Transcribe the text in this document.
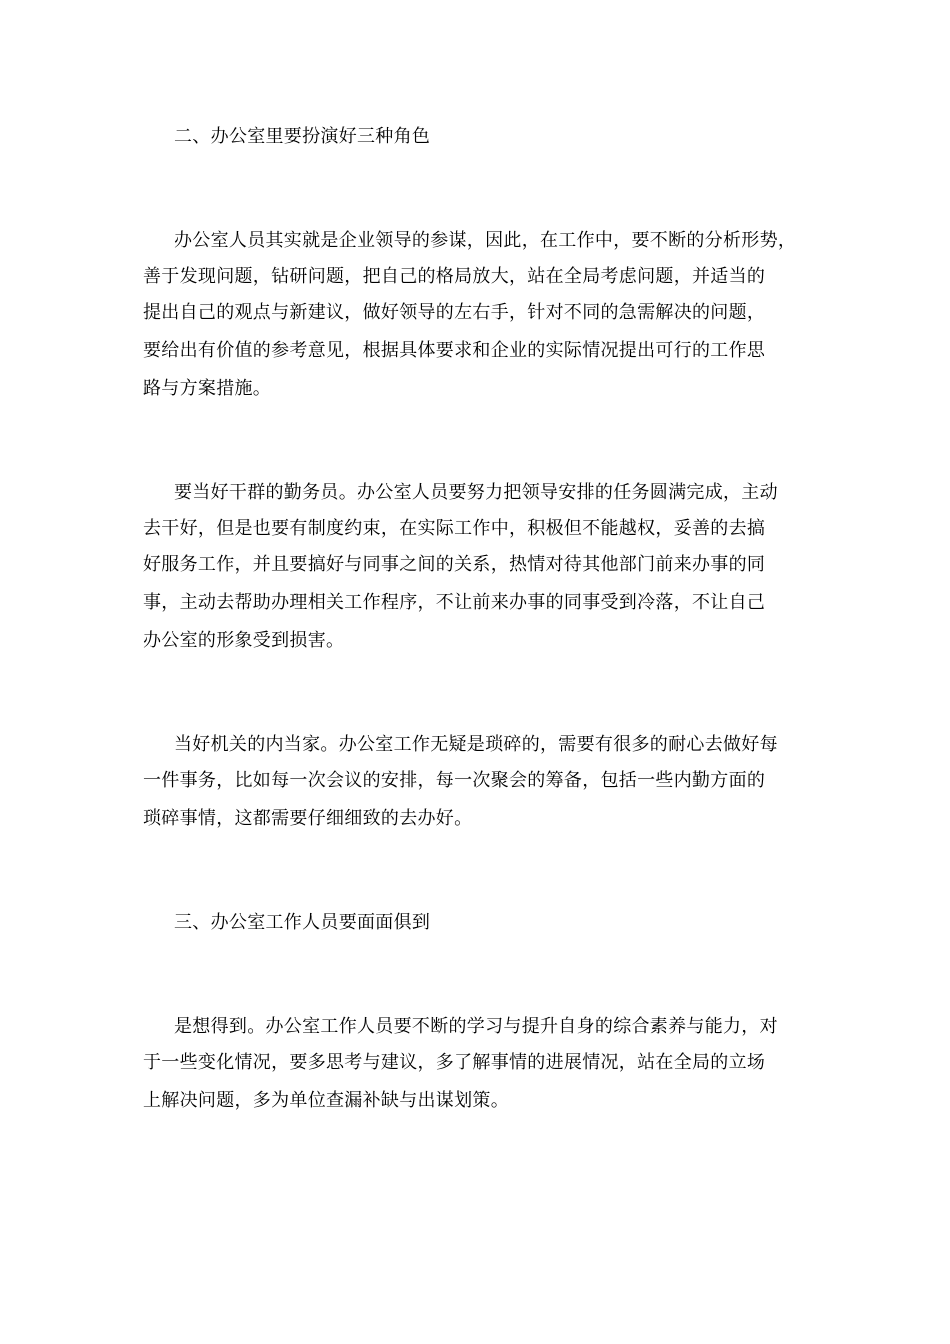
二、办公室里要扮演好三种角色
办公室人员其实就是企业领导的参谋，因此，在工作中，要不断的分析形势，
善于发现问题，钻研问题，把自己的格局放大，站在全局考虑问题，并适当的
提出自己的观点与新建议，做好领导的左右手，针对不同的急需解决的问题，
要给出有价值的参考意见，根据具体要求和企业的实际情况提出可行的工作思
路与方案措施。
要当好干群的勤务员。办公室人员要努力把领导安排的任务圆满完成，主动
去干好，但是也要有制度约束，在实际工作中，积极但不能越权，妥善的去搞
好服务工作，并且要搞好与同事之间的关系，热情对待其他部门前来办事的同
事，主动去帮助办理相关工作程序，不让前来办事的同事受到冷落，不让自己
办公室的形象受到损害。
当好机关的内当家。办公室工作无疑是琐碎的，需要有很多的耐心去做好每
一件事务，比如每一次会议的安排，每一次聚会的筹备，包括一些内勤方面的
琐碎事情，这都需要仔细细致的去办好。
三、办公室工作人员要面面俱到
是想得到。办公室工作人员要不断的学习与提升自身的综合素养与能力，对
于一些变化情况，要多思考与建议，多了解事情的进展情况，站在全局的立场
上解决问题，多为单位查漏补缺与出谋划策。
